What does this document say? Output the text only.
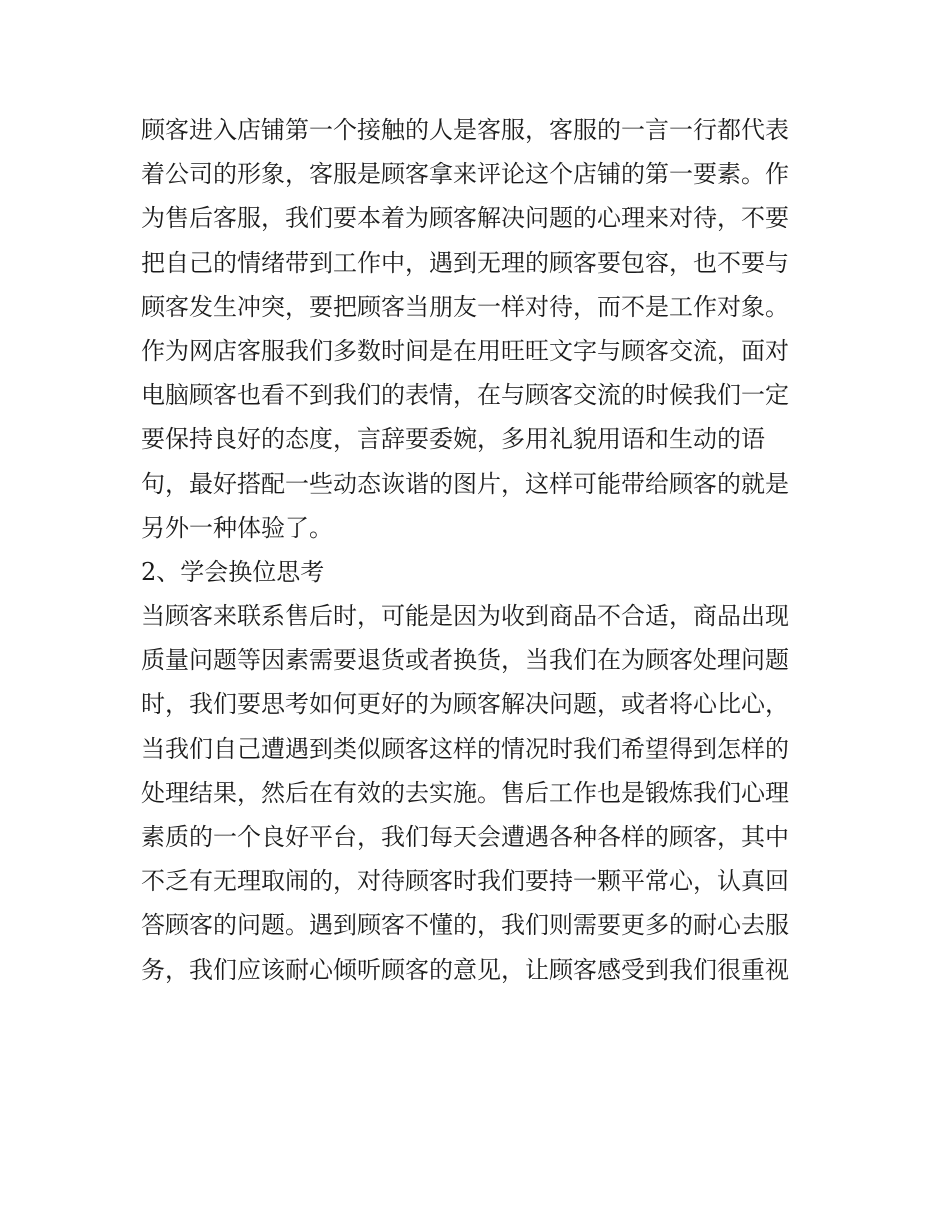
顾客进入店铺第一个接触的人是客服，客服的一言一行都代表
着公司的形象，客服是顾客拿来评论这个店铺的第一要素。作
为售后客服，我们要本着为顾客解决问题的心理来对待，不要
把自己的情绪带到工作中，遇到无理的顾客要包容，也不要与
顾客发生冲突，要把顾客当朋友一样对待，而不是工作对象。
作为网店客服我们多数时间是在用旺旺文字与顾客交流，面对
电脑顾客也看不到我们的表情，在与顾客交流的时候我们一定
要保持良好的态度，言辞要委婉，多用礼貌用语和生动的语
句，最好搭配一些动态诙谐的图片，这样可能带给顾客的就是
另外一种体验了。
2、学会换位思考
当顾客来联系售后时，可能是因为收到商品不合适，商品出现
质量问题等因素需要退货或者换货，当我们在为顾客处理问题
时，我们要思考如何更好的为顾客解决问题，或者将心比心，
当我们自己遭遇到类似顾客这样的情况时我们希望得到怎样的
处理结果，然后在有效的去实施。售后工作也是锻炼我们心理
素质的一个良好平台，我们每天会遭遇各种各样的顾客，其中
不乏有无理取闹的，对待顾客时我们要持一颗平常心，认真回
答顾客的问题。遇到顾客不懂的，我们则需要更多的耐心去服
务，我们应该耐心倾听顾客的意见，让顾客感受到我们很重视
